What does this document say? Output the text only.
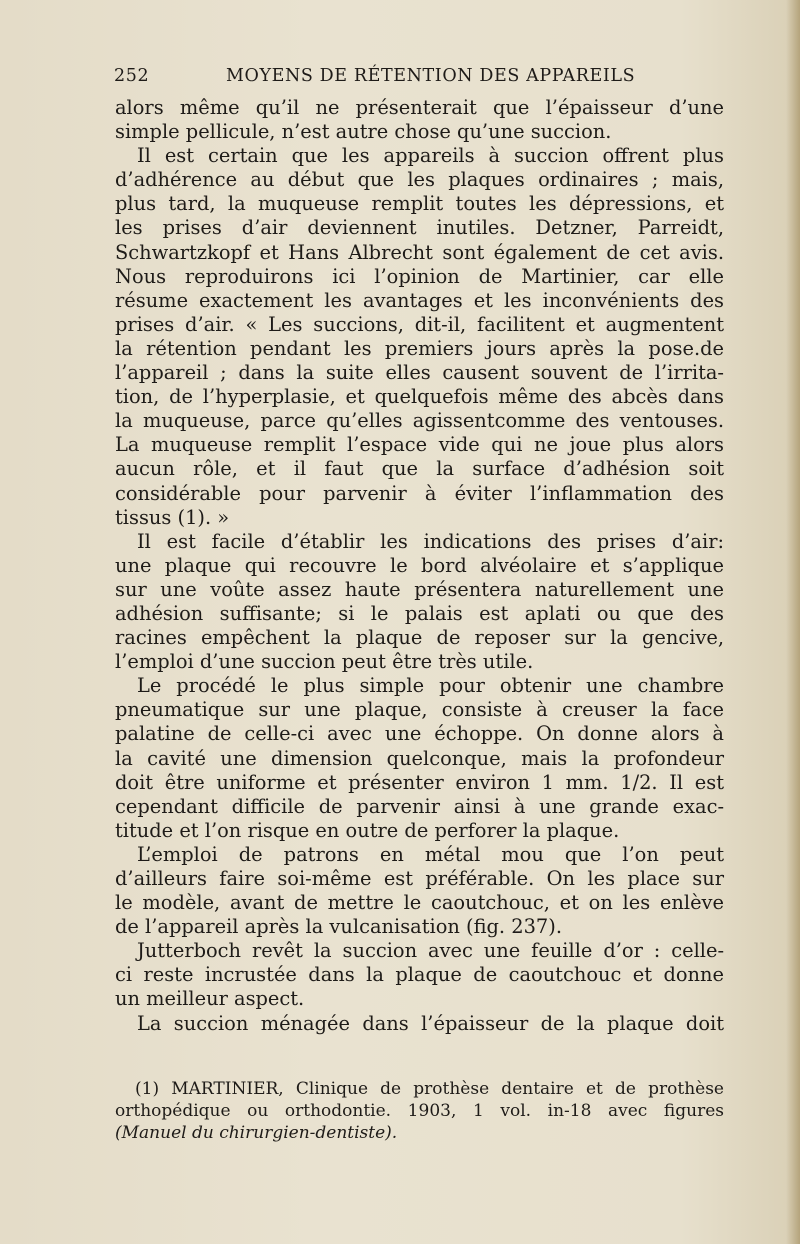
252	MOYENS DE RÉTENTION DES APPAREILS
alors même qu’il ne présenterait que l’épaisseur d’une
simple pellicule, n’est autre chose qu’une succion.
Il est certain que les appareils à succion offrent plus
d’adhérence au début que les plaques ordinaires ; mais,
plus tard, la muqueuse remplit toutes les dépressions, et
les prises d’air deviennent inutiles. Detzner, Parreidt,
Schwartzkopf et Hans Albrecht sont également de cet avis.
Nous reproduirons ici l’opinion de Martinier, car elle
résume exactement les avantages et les inconvénients des
prises d’air. « Les succions, dit-il, facilitent et augmentent
la rétention pendant les premiers jours après la pose.de
l’appareil ; dans la suite elles causent souvent de l’irrita-
tion, de l’hyperplasie, et quelquefois même des abcès dans
la muqueuse, parce qu’elles agissentcomme des ventouses.
La muqueuse remplit l’espace vide qui ne joue plus alors
aucun rôle, et il faut que la surface d’adhésion soit
considérable pour parvenir à éviter l’inflammation des
tissus (1). »
Il est facile d’établir les indications des prises d’air:
une plaque qui recouvre le bord alvéolaire et s’applique
sur une voûte assez haute présentera naturellement une
adhésion suffisante; si le palais est aplati ou que des
racines empêchent la plaque de reposer sur la gencive,
l’emploi d’une succion peut être très utile.
Le procédé le plus simple pour obtenir une chambre
pneumatique sur une plaque, consiste à creuser la face
palatine de celle-ci avec une échoppe. On donne alors à
la cavité une dimension quelconque, mais la profondeur
doit être uniforme et présenter environ 1 mm. 1/2. Il est
cependant difficile de parvenir ainsi à une grande exac-
titude et l’on risque en outre de perforer la plaque.
L’emploi de patrons en métal mou que l’on peut
d’ailleurs faire soi-même est préférable. On les place sur
le modèle, avant de mettre le caoutchouc, et on les enlève
de l’appareil après la vulcanisation (fig. 237).
Jutterboch revêt la succion avec une feuille d’or : celle-
ci reste incrustée dans la plaque de caoutchouc et donne
un meilleur aspect.
La succion ménagée dans l’épaisseur de la plaque doit
(1) MARTINIER, Clinique de prothèse dentaire et de prothèse
orthopédique ou orthodontie. 1903, 1 vol. in-18 avec figures
(Manuel du chirurgien-dentiste).
